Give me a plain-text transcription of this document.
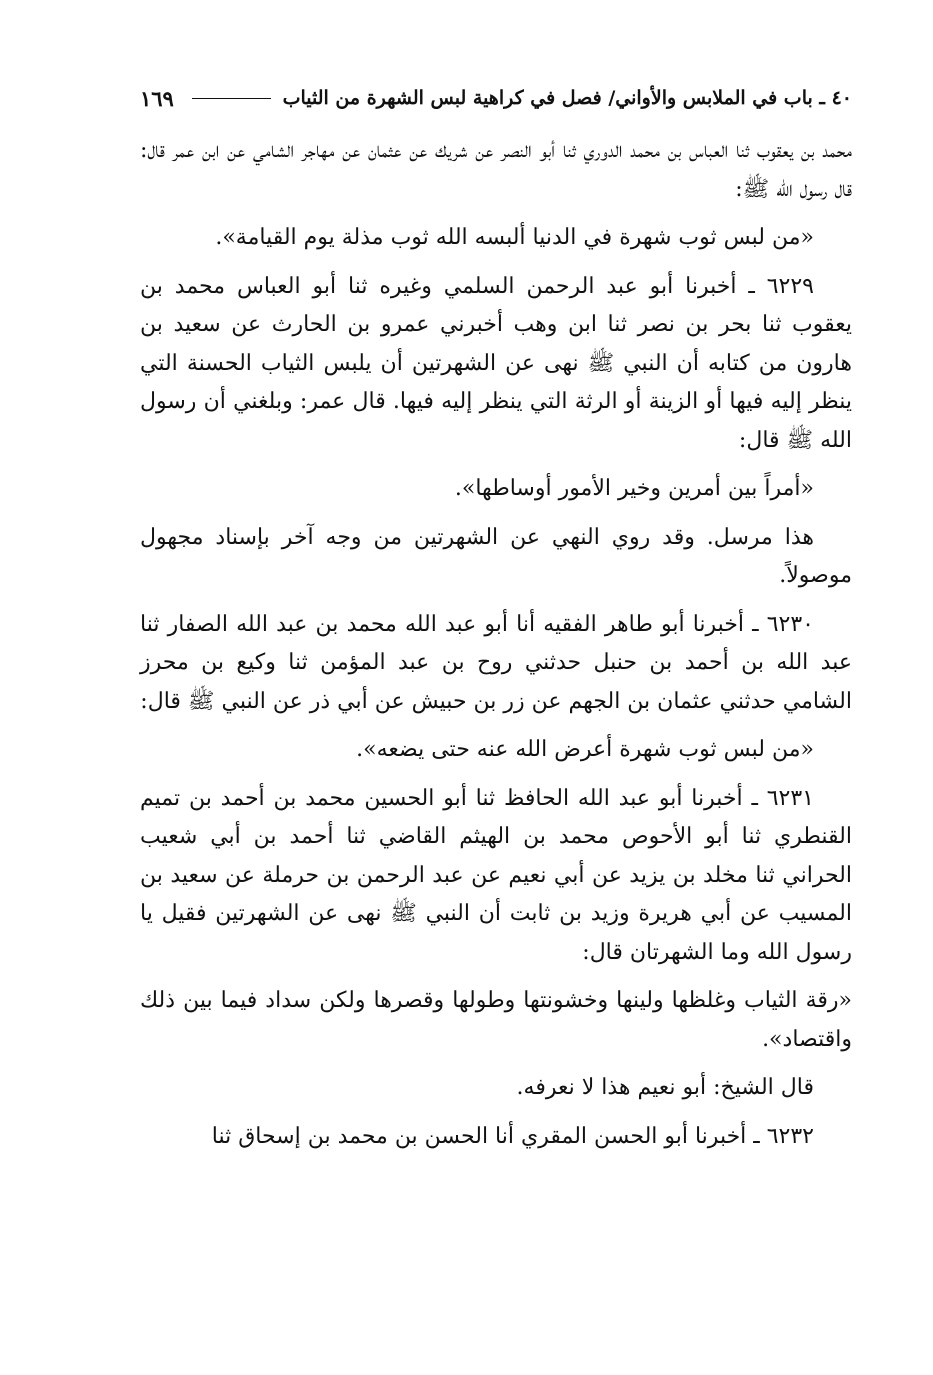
٤٠ ـ باب في الملابس والأواني/ فصل في كراهية لبس الشهرة من الثياب
١٦٩

محمد بن يعقوب ثنا العباس بن محمد الدوري ثنا أبو النصر عن شريك عن عثمان عن مهاجر الشامي عن ابن عمر قال: قال رسول الله ﷺ:

«من لبس ثوب شهرة في الدنيا ألبسه الله ثوب مذلة يوم القيامة».

٦٢٢٩ ـ أخبرنا أبو عبد الرحمن السلمي وغيره ثنا أبو العباس محمد بن يعقوب ثنا بحر بن نصر ثنا ابن وهب أخبرني عمرو بن الحارث عن سعيد بن هارون من كتابه أن النبي ﷺ نهى عن الشهرتين أن يلبس الثياب الحسنة التي ينظر إليه فيها أو الزينة أو الرثة التي ينظر إليه فيها. قال عمر: وبلغني أن رسول الله ﷺ قال:

«أمراً بين أمرين وخير الأمور أوساطها».

هذا مرسل. وقد روي النهي عن الشهرتين من وجه آخر بإسناد مجهول موصولاً.

٦٢٣٠ ـ أخبرنا أبو طاهر الفقيه أنا أبو عبد الله محمد بن عبد الله الصفار ثنا عبد الله بن أحمد بن حنبل حدثني روح بن عبد المؤمن ثنا وكيع بن محرز الشامي حدثني عثمان بن الجهم عن زر بن حبيش عن أبي ذر عن النبي ﷺ قال:

«من لبس ثوب شهرة أعرض الله عنه حتى يضعه».

٦٢٣١ ـ أخبرنا أبو عبد الله الحافظ ثنا أبو الحسين محمد بن أحمد بن تميم القنطري ثنا أبو الأحوص محمد بن الهيثم القاضي ثنا أحمد بن أبي شعيب الحراني ثنا مخلد بن يزيد عن أبي نعيم عن عبد الرحمن بن حرملة عن سعيد بن المسيب عن أبي هريرة وزيد بن ثابت أن النبي ﷺ نهى عن الشهرتين فقيل يا رسول الله وما الشهرتان قال:

«رقة الثياب وغلظها ولينها وخشونتها وطولها وقصرها ولكن سداد فيما بين ذلك واقتصاد».

قال الشيخ: أبو نعيم هذا لا نعرفه.

٦٢٣٢ ـ أخبرنا أبو الحسن المقري أنا الحسن بن محمد بن إسحاق ثنا
